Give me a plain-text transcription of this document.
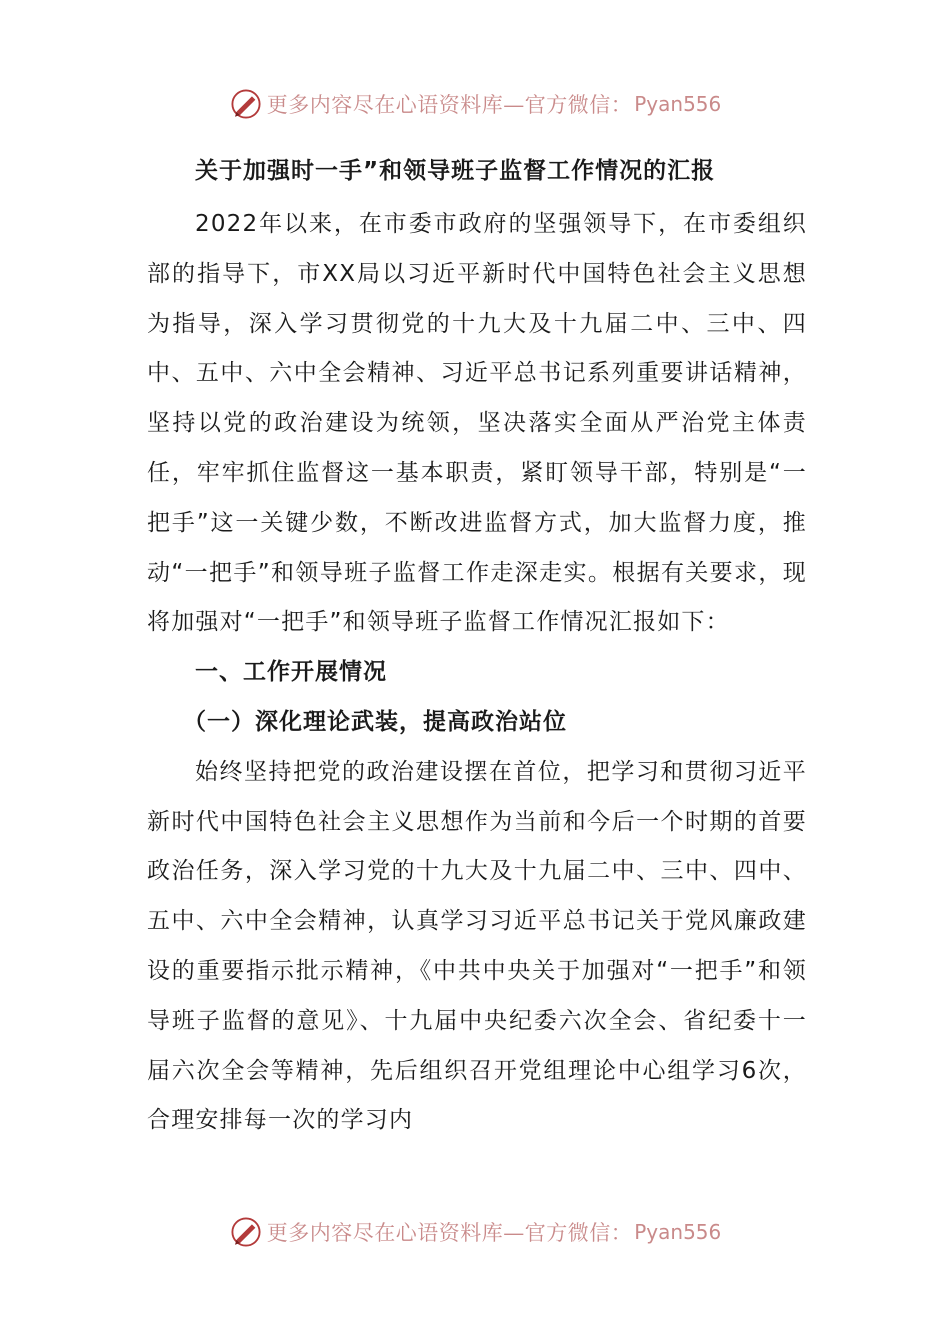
更多内容尽在心语资料库—官方微信： Pyan556
关于加强时一手”和领导班子监督工作情况的汇报

2022年以来，在市委市政府的坚强领导下，在市委组织部的指导下，市XX局以习近平新时代中国特色社会主义思想为指导，深入学习贯彻党的十九大及十九届二中、三中、四中、五中、六中全会精神、习近平总书记系列重要讲话精神，坚持以党的政治建设为统领，坚决落实全面从严治党主体责任，牢牢抓住监督这一基本职责，紧盯领导干部，特别是“一把手”这一关键少数，不断改进监督方式，加大监督力度，推动“一把手”和领导班子监督工作走深走实。根据有关要求，现将加强对“一把手”和领导班子监督工作情况汇报如下：

一、工作开展情况
（一）深化理论武装，提高政治站位

始终坚持把党的政治建设摆在首位，把学习和贯彻习近平新时代中国特色社会主义思想作为当前和今后一个时期的首要政治任务，深入学习党的十九大及十九届二中、三中、四中、五中、六中全会精神，认真学习习近平总书记关于党风廉政建设的重要指示批示精神，《中共中央关于加强对“一把手”和领导班子监督的意见》、十九届中央纪委六次全会、省纪委十一届六次全会等精神，先后组织召开党组理论中心组学习6次，合理安排每一次的学习内

更多内容尽在心语资料库—官方微信： Pyan556
